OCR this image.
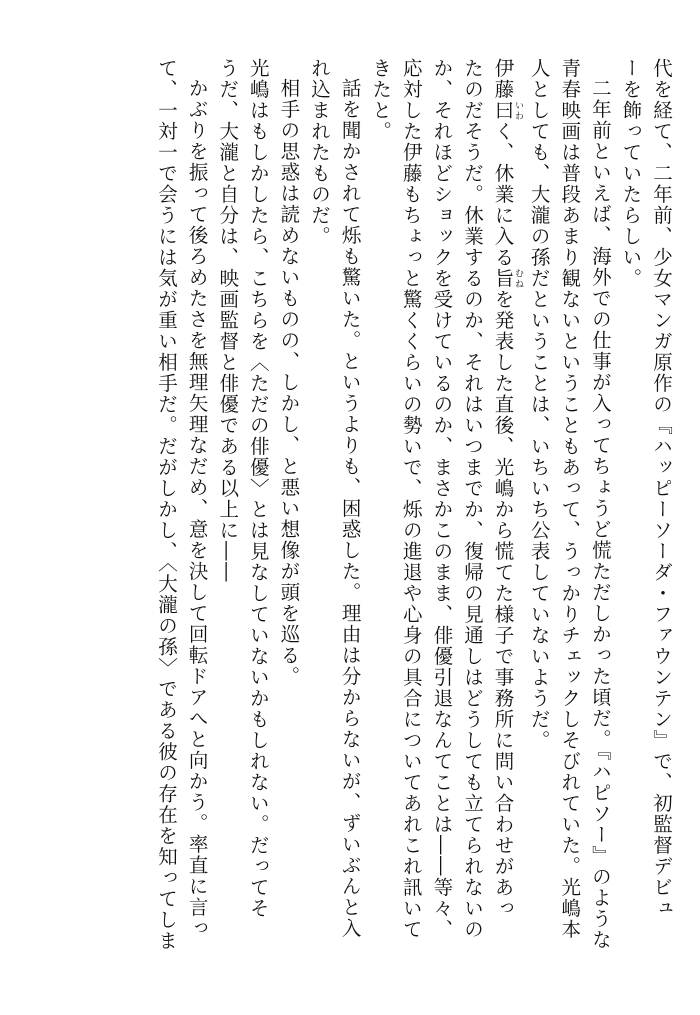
代を経て、二年前、少女マンガ原作の『ハッピーソーダ・ファウンテン』で、初監督デビュ
ーを飾っていたらしい。
二年前といえば、海外での仕事が入ってちょうど慌ただしかった頃だ。『ハピソー』のような
青春映画は普段あまり観ないということもあって、うっかりチェックしそびれていた。光嶋本
人としても、大瀧の孫だということは、いちいち公表していないようだ。
伊藤曰いわく、休業に入る旨むねを発表した直後、光嶋から慌てた様子で事務所に問い合わせがあっ
たのだそうだ。休業するのか、それはいつまでか、復帰の見通しはどうしても立てられないの
か、それほどショックを受けているのか、まさかこのまま、俳優引退なんてことは――等々、
応対した伊藤もちょっと驚くくらいの勢いで、烁の進退や心身の具合についてあれこれ訊いて
きたと。
話を聞かされて烁も驚いた。というよりも、困惑した。理由は分からないが、ずいぶんと入
れ込まれたものだ。
相手の思惑は読めないものの、しかし、と悪い想像が頭を巡る。
光嶋はもしかしたら、こちらを〈ただの俳優〉とは見なしていないかもしれない。だってそ
うだ、大瀧と自分は、映画監督と俳優である以上に――
かぶりを振って後ろめたさを無理矢理なだめ、意を決して回転ドアへと向かう。率直に言っ
て、一対一で会うには気が重い相手だ。だがしかし、〈大瀧の孫〉である彼の存在を知ってしま
